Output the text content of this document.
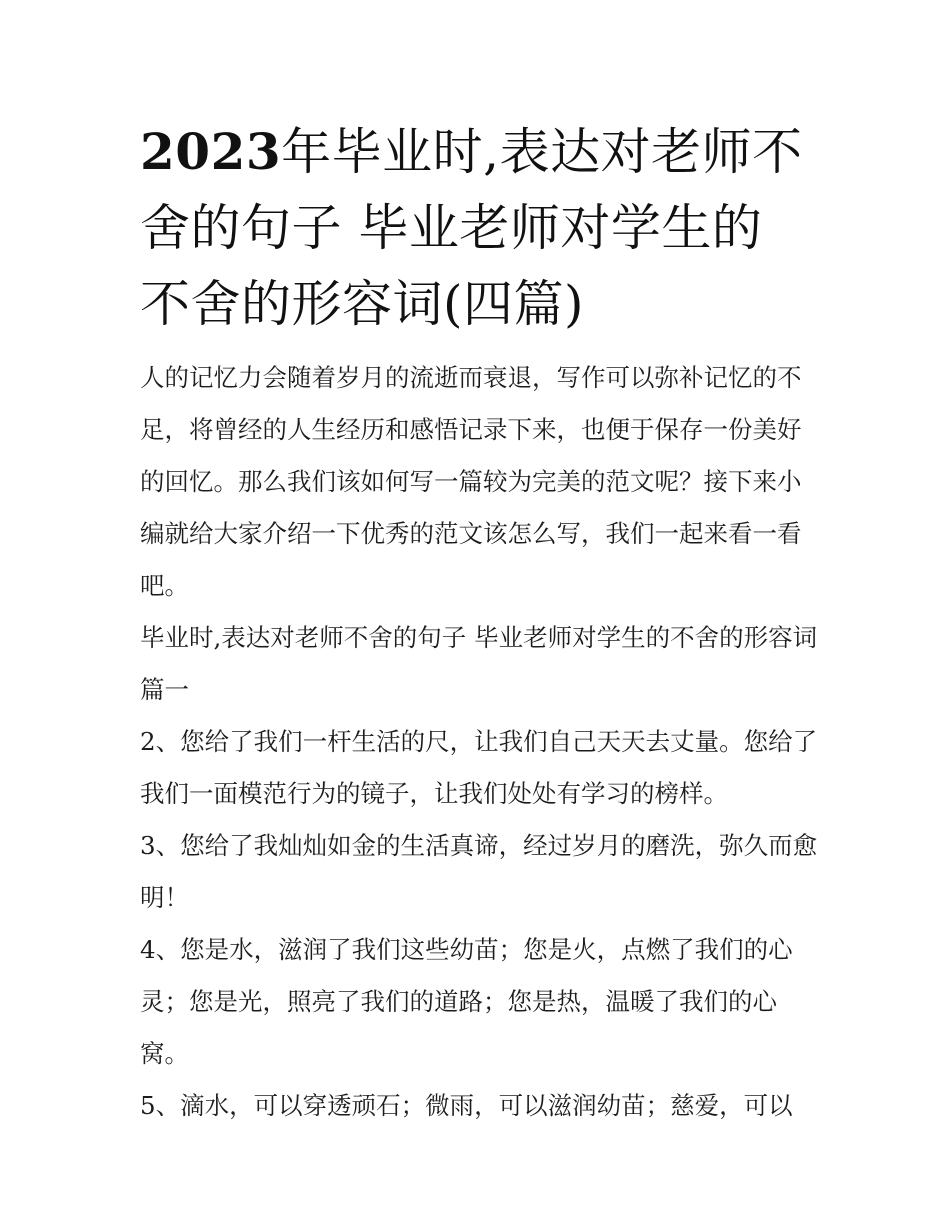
2023年毕业时,表达对老师不舍的句子 毕业老师对学生的不舍的形容词(四篇)

人的记忆力会随着岁月的流逝而衰退，写作可以弥补记忆的不足，将曾经的人生经历和感悟记录下来，也便于保存一份美好的回忆。那么我们该如何写一篇较为完美的范文呢？接下来小编就给大家介绍一下优秀的范文该怎么写，我们一起来看一看吧。

毕业时,表达对老师不舍的句子 毕业老师对学生的不舍的形容词篇一

2、您给了我们一杆生活的尺，让我们自己天天去丈量。您给了我们一面模范行为的镜子，让我们处处有学习的榜样。

3、您给了我灿灿如金的生活真谛，经过岁月的磨洗，弥久而愈明！

4、您是水，滋润了我们这些幼苗；您是火，点燃了我们的心灵；您是光，照亮了我们的道路；您是热，温暖了我们的心窝。

5、滴水，可以穿透顽石；微雨，可以滋润幼苗；慈爱，可以
